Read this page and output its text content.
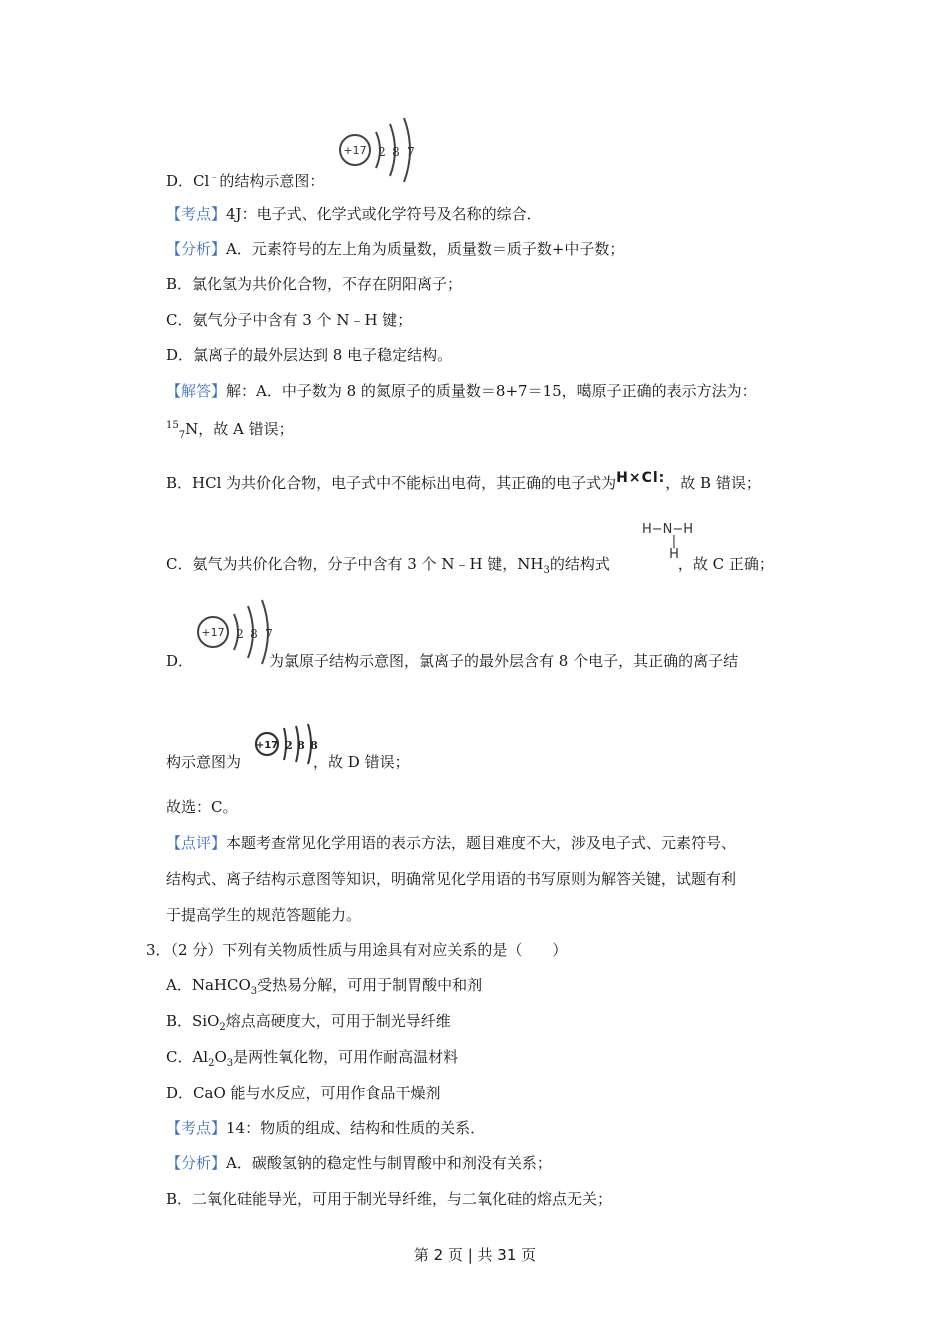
D．Cl﹣的结构示意图：
+17 2 8 7
【考点】4J：电子式、化学式或化学符号及名称的综合．
【分析】A．元素符号的左上角为质量数，质量数＝质子数+中子数；
B．氯化氢为共价化合物，不存在阴阳离子；
C．氨气分子中含有 3 个 N﹣H 键；
D．氯离子的最外层达到 8 电子稳定结构。
【解答】解：A．中子数为 8 的氮原子的质量数＝8+7＝15，噶原子正确的表示方法为：
$^{15}_7$N，故 A 错误；
B．HCl 为共价化合物，电子式中不能标出电荷，其正确的电子式为H×Cl:，故 B 错误；
C．氨气为共价化合物，分子中含有 3 个 N﹣H 键，$NH_3$的结构式	，故 C 正确；
H−N−H
|
H
+17 2 8 7
D．	为氯原子结构示意图，氯离子的最外层含有 8 个电子，其正确的离子结
构示意图为	，故 D 错误；
+17 2 8 8
故选：C。
【点评】本题考查常见化学用语的表示方法，题目难度不大，涉及电子式、元素符号、
结构式、离子结构示意图等知识，明确常见化学用语的书写原则为解答关键，试题有利
于提高学生的规范答题能力。
3．（2 分）下列有关物质性质与用途具有对应关系的是（　　）
A．NaHCO$_3$受热易分解，可用于制胃酸中和剂
B．SiO$_2$熔点高硬度大，可用于制光导纤维
C．$Al_2O_3$是两性氧化物，可用作耐高温材料
D．CaO 能与水反应，可用作食品干燥剂
【考点】14：物质的组成、结构和性质的关系．
【分析】A．碳酸氢钠的稳定性与制胃酸中和剂没有关系；
B．二氧化硅能导光，可用于制光导纤维，与二氧化硅的熔点无关；
第 2 页 | 共 31 页
